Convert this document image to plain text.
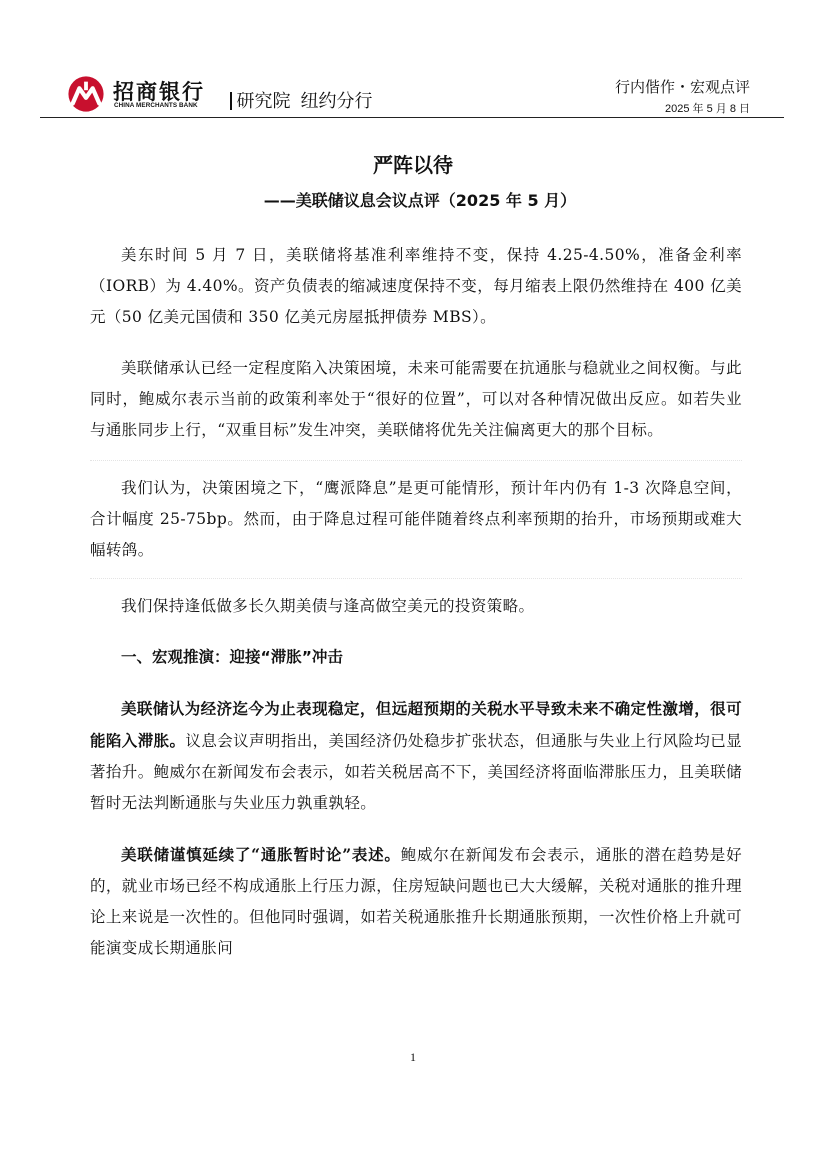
招商银行
CHINA MERCHANTS BANK	研究院 纽约分行
行内偕作・宏观点评
2025 年 5 月 8 日
严阵以待
——美联储议息会议点评（2025 年 5 月）

美东时间 5 月 7 日，美联储将基准利率维持不变，保持 4.25-4.50%，准备金利率（IORB）为 4.40%。资产负债表的缩减速度保持不变，每月缩表上限仍然维持在 400 亿美元（50 亿美元国债和 350 亿美元房屋抵押债券 MBS）。

美联储承认已经一定程度陷入决策困境，未来可能需要在抗通胀与稳就业之间权衡。与此同时，鲍威尔表示当前的政策利率处于“很好的位置”，可以对各种情况做出反应。如若失业与通胀同步上行，“双重目标”发生冲突，美联储将优先关注偏离更大的那个目标。

我们认为，决策困境之下，“鹰派降息”是更可能情形，预计年内仍有 1-3 次降息空间，合计幅度 25-75bp。然而，由于降息过程可能伴随着终点利率预期的抬升，市场预期或难大幅转鸽。

我们保持逢低做多长久期美债与逢高做空美元的投资策略。

一、宏观推演：迎接“滞胀”冲击

美联储认为经济迄今为止表现稳定，但远超预期的关税水平导致未来不确定性激增，很可能陷入滞胀。议息会议声明指出，美国经济仍处稳步扩张状态，但通胀与失业上行风险均已显著抬升。鲍威尔在新闻发布会表示，如若关税居高不下，美国经济将面临滞胀压力，且美联储暂时无法判断通胀与失业压力孰重孰轻。

美联储谨慎延续了“通胀暂时论”表述。鲍威尔在新闻发布会表示，通胀的潜在趋势是好的，就业市场已经不构成通胀上行压力源，住房短缺问题也已大大缓解，关税对通胀的推升理论上来说是一次性的。但他同时强调，如若关税通胀推升长期通胀预期，一次性价格上升就可能演变成长期通胀问

1
